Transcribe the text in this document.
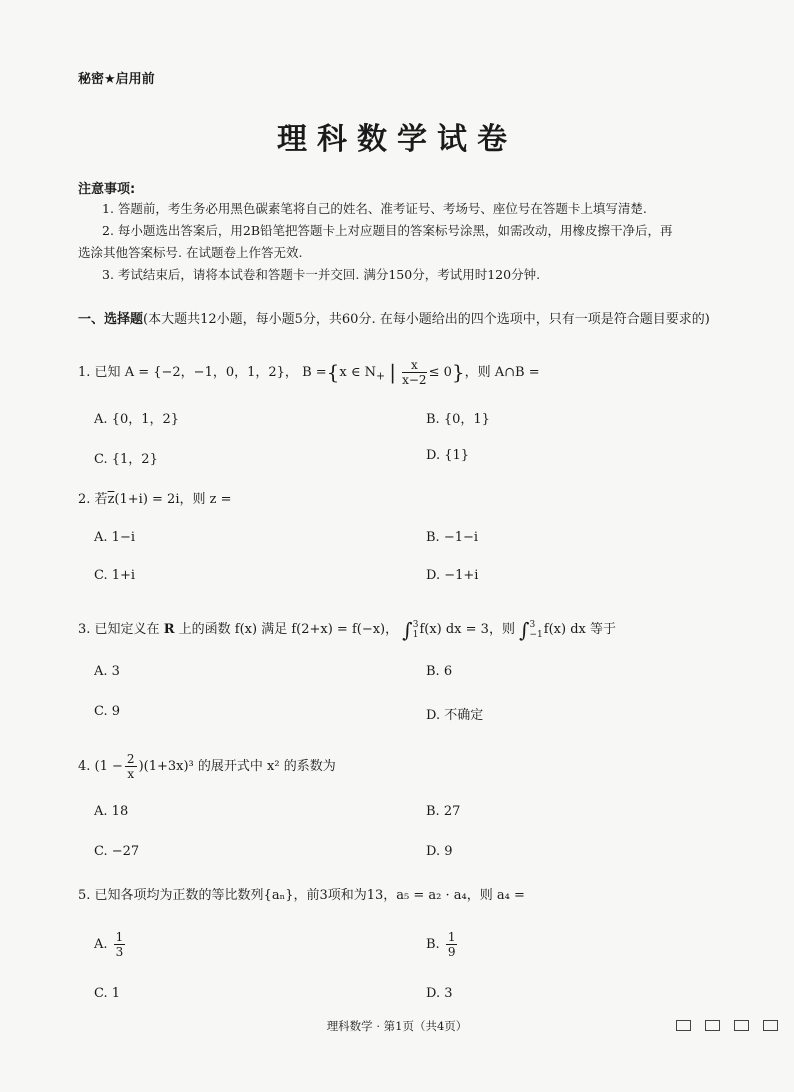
秘密★启用前
理科数学试卷
注意事项:
1. 答题前，考生务必用黑色碳素笔将自己的姓名、准考证号、考场号、座位号在答题卡上填写清楚.
2. 每小题选出答案后，用2B铅笔把答题卡上对应题目的答案标号涂黑，如需改动，用橡皮擦干净后，再
选涂其他答案标号. 在试题卷上作答无效.
3. 考试结束后，请将本试卷和答题卡一并交回. 满分150分，考试用时120分钟.
一、选择题(本大题共12小题，每小题5分，共60分. 在每小题给出的四个选项中，只有一项是符合题目要求的)
1. 已知 A = {−2，−1，0，1，2}， B ={x ∈ $N_+$ | $\frac{x}{x-2} \le 0$}，则 A∩B =
A. {0，1，2}	B. {0，1}
C. {1，2}	D. {1}
2. 若$\overline{z}(1+i) = 2i$，则 z =
A. 1−i	B. −1−i
C. 1+i	D. −1+i
3. 已知定义在 R 上的函数 f(x) 满足 f(2+x) = f(−x)， ∫ 3
1 f(x) dx = 3，则 ∫ 3
−1 f(x) dx 等于
A. 3	B. 6
C. 9	D. 不确定
4. $(1 - \frac{2}{x} )(1+3x)^3$ 的展开式中 x² 的系数为
A. 18	B. 27
C. −27	D. 9
5. 已知各项均为正数的等比数列{aₙ}，前3项和为13，a₅ = a₂ · a₄，则 a₄ =
A. $\frac{1}{3}$	B. $\frac{1}{9}$
C. 1	D. 3
理科数学 · 第1页（共4页）
